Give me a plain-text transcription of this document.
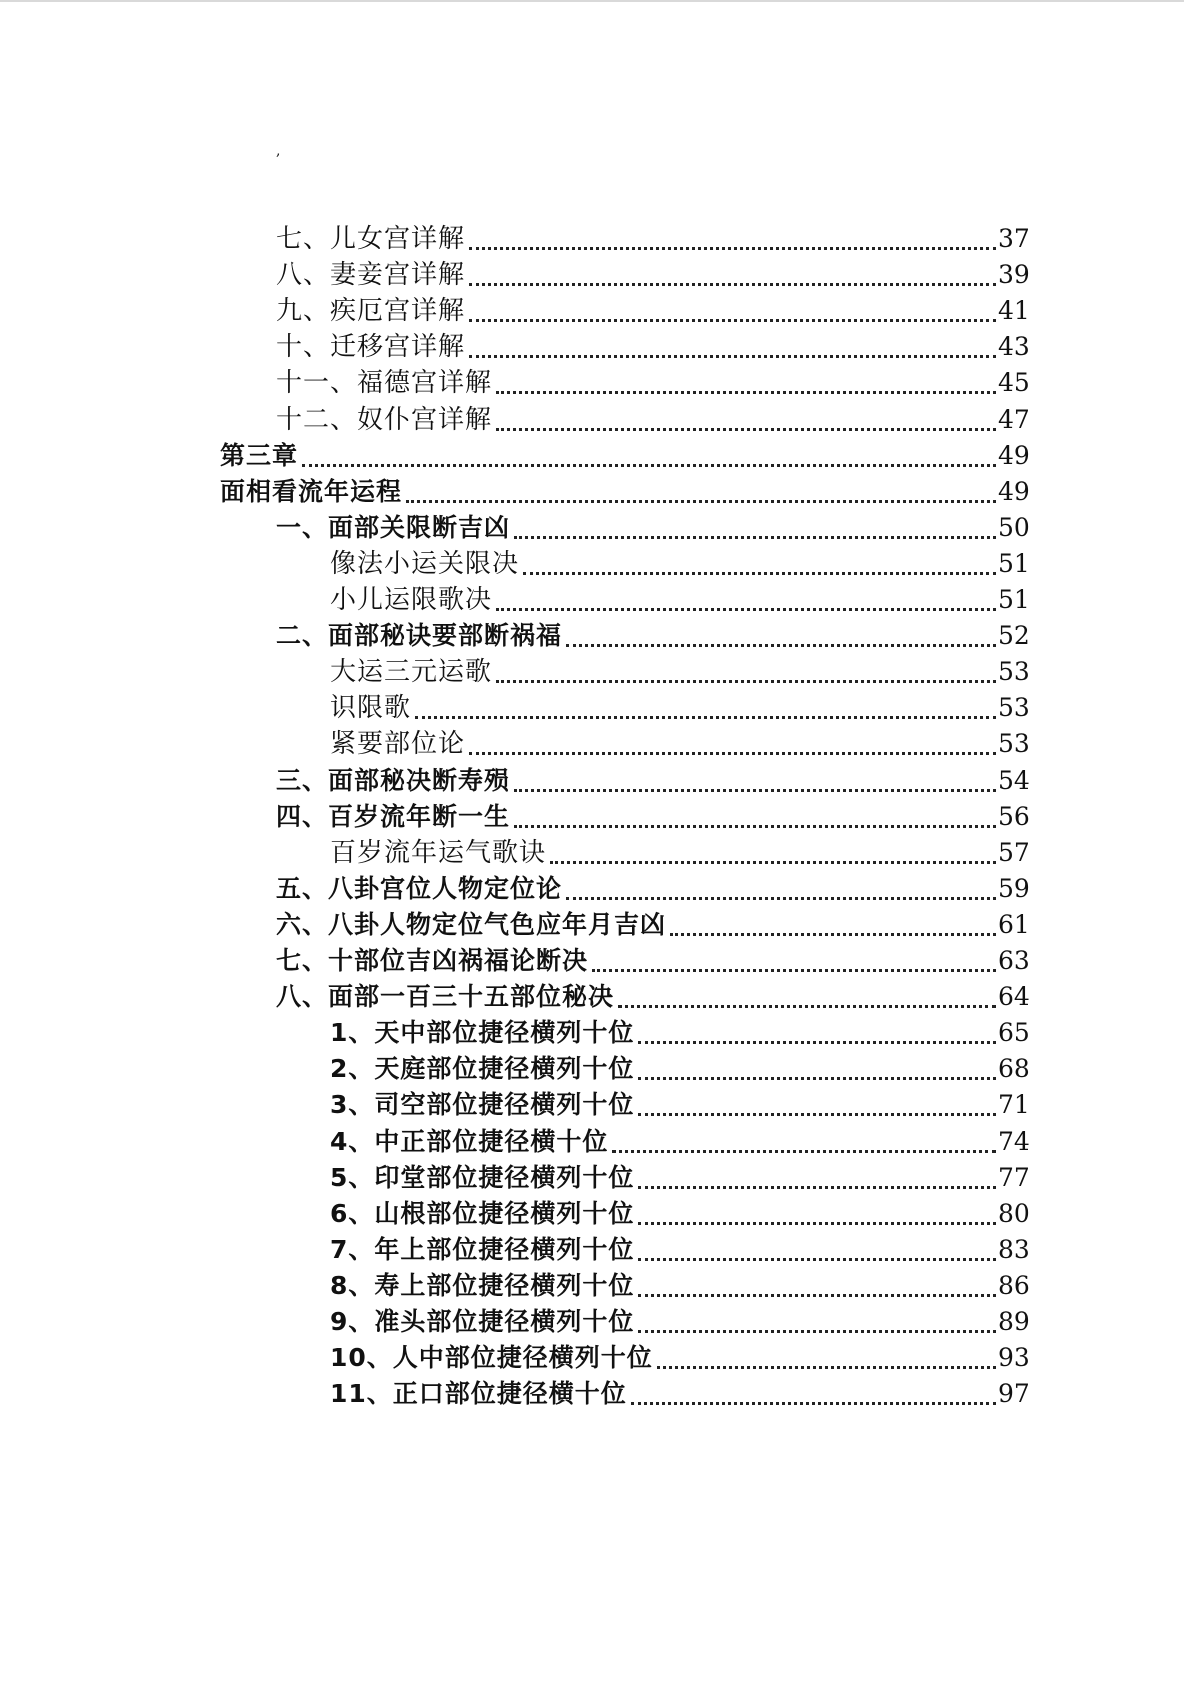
,
七、儿女宫详解	37
八、妻妾宫详解	39
九、疾厄宫详解	41
十、迁移宫详解	43
十一、福德宫详解	45
十二、奴仆宫详解	47
第三章	49
面相看流年运程	49
一、面部关限断吉凶	50
像法小运关限决	51
小儿运限歌决	51
二、面部秘诀要部断祸福	52
大运三元运歌	53
识限歌	53
紧要部位论	53
三、面部秘决断寿殒	54
四、百岁流年断一生	56
百岁流年运气歌诀	57
五、八卦宫位人物定位论	59
六、八卦人物定位气色应年月吉凶	61
七、十部位吉凶祸福论断决	63
八、面部一百三十五部位秘决	64
1、天中部位捷径横列十位	65
2、天庭部位捷径横列十位	68
3、司空部位捷径横列十位	71
4、中正部位捷径横十位	74
5、印堂部位捷径横列十位	77
6、山根部位捷径横列十位	80
7、年上部位捷径横列十位	83
8、寿上部位捷径横列十位	86
9、准头部位捷径横列十位	89
10、人中部位捷径横列十位	93
11、正口部位捷径横十位	97
